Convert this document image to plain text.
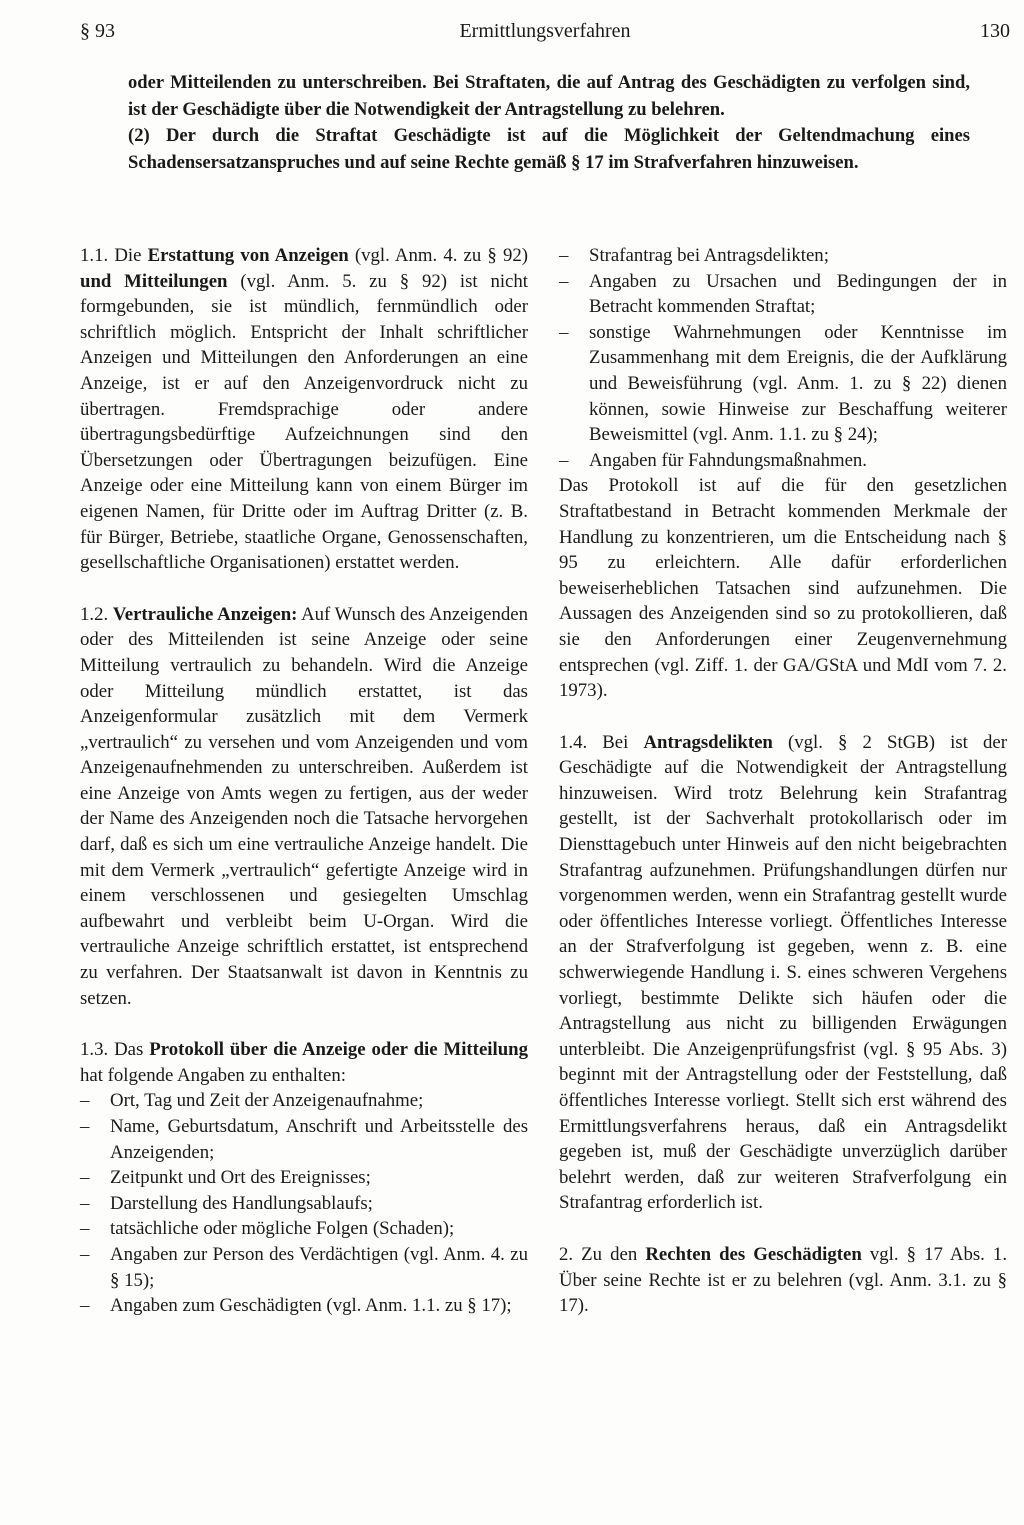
§ 93	Ermittlungsverfahren	130

oder Mitteilenden zu unterschreiben. Bei Straftaten, die auf Antrag des Geschädigten zu verfolgen sind, ist der Geschädigte über die Notwendigkeit der Antragstellung zu belehren.

(2) Der durch die Straftat Geschädigte ist auf die Möglichkeit der Geltendmachung eines Schadensersatzanspruches und auf seine Rechte gemäß § 17 im Strafverfahren hinzuweisen.

1.1. Die Erstattung von Anzeigen (vgl. Anm. 4. zu § 92) und Mitteilungen (vgl. Anm. 5. zu § 92) ist nicht formgebunden, sie ist mündlich, fernmündlich oder schriftlich möglich. Entspricht der Inhalt schriftlicher Anzeigen und Mitteilungen den Anforderungen an eine Anzeige, ist er auf den Anzeigenvordruck nicht zu übertragen. Fremdsprachige oder andere übertragungsbedürftige Aufzeichnungen sind den Übersetzungen oder Übertragungen beizufügen. Eine Anzeige oder eine Mitteilung kann von einem Bürger im eigenen Namen, für Dritte oder im Auftrag Dritter (z. B. für Bürger, Betriebe, staatliche Organe, Genossenschaften, gesellschaftliche Organisationen) erstattet werden.

1.2. Vertrauliche Anzeigen: Auf Wunsch des Anzeigenden oder des Mitteilenden ist seine Anzeige oder seine Mitteilung vertraulich zu behandeln. Wird die Anzeige oder Mitteilung mündlich erstattet, ist das Anzeigenformular zusätzlich mit dem Vermerk „vertraulich“ zu versehen und vom Anzeigenden und vom Anzeigenaufnehmenden zu unterschreiben. Außerdem ist eine Anzeige von Amts wegen zu fertigen, aus der weder der Name des Anzeigenden noch die Tatsache hervorgehen darf, daß es sich um eine vertrauliche Anzeige handelt. Die mit dem Vermerk „vertraulich“ gefertigte Anzeige wird in einem verschlossenen und gesiegelten Umschlag aufbewahrt und verbleibt beim U-Organ. Wird die vertrauliche Anzeige schriftlich erstattet, ist entsprechend zu verfahren. Der Staatsanwalt ist davon in Kenntnis zu setzen.

1.3. Das Protokoll über die Anzeige oder die Mitteilung hat folgende Angaben zu enthalten:

– Ort, Tag und Zeit der Anzeigenaufnahme;
– Name, Geburtsdatum, Anschrift und Arbeitsstelle des Anzeigenden;
– Zeitpunkt und Ort des Ereignisses;
– Darstellung des Handlungsablaufs;
– tatsächliche oder mögliche Folgen (Schaden);
– Angaben zur Person des Verdächtigen (vgl. Anm. 4. zu § 15);
– Angaben zum Geschädigten (vgl. Anm. 1.1. zu § 17);
– Strafantrag bei Antragsdelikten;
– Angaben zu Ursachen und Bedingungen der in Betracht kommenden Straftat;
– sonstige Wahrnehmungen oder Kenntnisse im Zusammenhang mit dem Ereignis, die der Aufklärung und Beweisführung (vgl. Anm. 1. zu § 22) dienen können, sowie Hinweise zur Beschaffung weiterer Beweismittel (vgl. Anm. 1.1. zu § 24);
– Angaben für Fahndungsmaßnahmen.

Das Protokoll ist auf die für den gesetzlichen Straftatbestand in Betracht kommenden Merkmale der Handlung zu konzentrieren, um die Entscheidung nach § 95 zu erleichtern. Alle dafür erforderlichen beweiserheblichen Tatsachen sind aufzunehmen. Die Aussagen des Anzeigenden sind so zu protokollieren, daß sie den Anforderungen einer Zeugenvernehmung entsprechen (vgl. Ziff. 1. der GA/GStA und MdI vom 7. 2. 1973).

1.4. Bei Antragsdelikten (vgl. § 2 StGB) ist der Geschädigte auf die Notwendigkeit der Antragstellung hinzuweisen. Wird trotz Belehrung kein Strafantrag gestellt, ist der Sachverhalt protokollarisch oder im Diensttagebuch unter Hinweis auf den nicht beigebrachten Strafantrag aufzunehmen. Prüfungshandlungen dürfen nur vorgenommen werden, wenn ein Strafantrag gestellt wurde oder öffentliches Interesse vorliegt. Öffentliches Interesse an der Strafverfolgung ist gegeben, wenn z. B. eine schwerwiegende Handlung i. S. eines schweren Vergehens vorliegt, bestimmte Delikte sich häufen oder die Antragstellung aus nicht zu billigenden Erwägungen unterbleibt. Die Anzeigenprüfungsfrist (vgl. § 95 Abs. 3) beginnt mit der Antragstellung oder der Feststellung, daß öffentliches Interesse vorliegt. Stellt sich erst während des Ermittlungsverfahrens heraus, daß ein Antragsdelikt gegeben ist, muß der Geschädigte unverzüglich darüber belehrt werden, daß zur weiteren Strafverfolgung ein Strafantrag erforderlich ist.

2. Zu den Rechten des Geschädigten vgl. § 17 Abs. 1. Über seine Rechte ist er zu belehren (vgl. Anm. 3.1. zu § 17).
